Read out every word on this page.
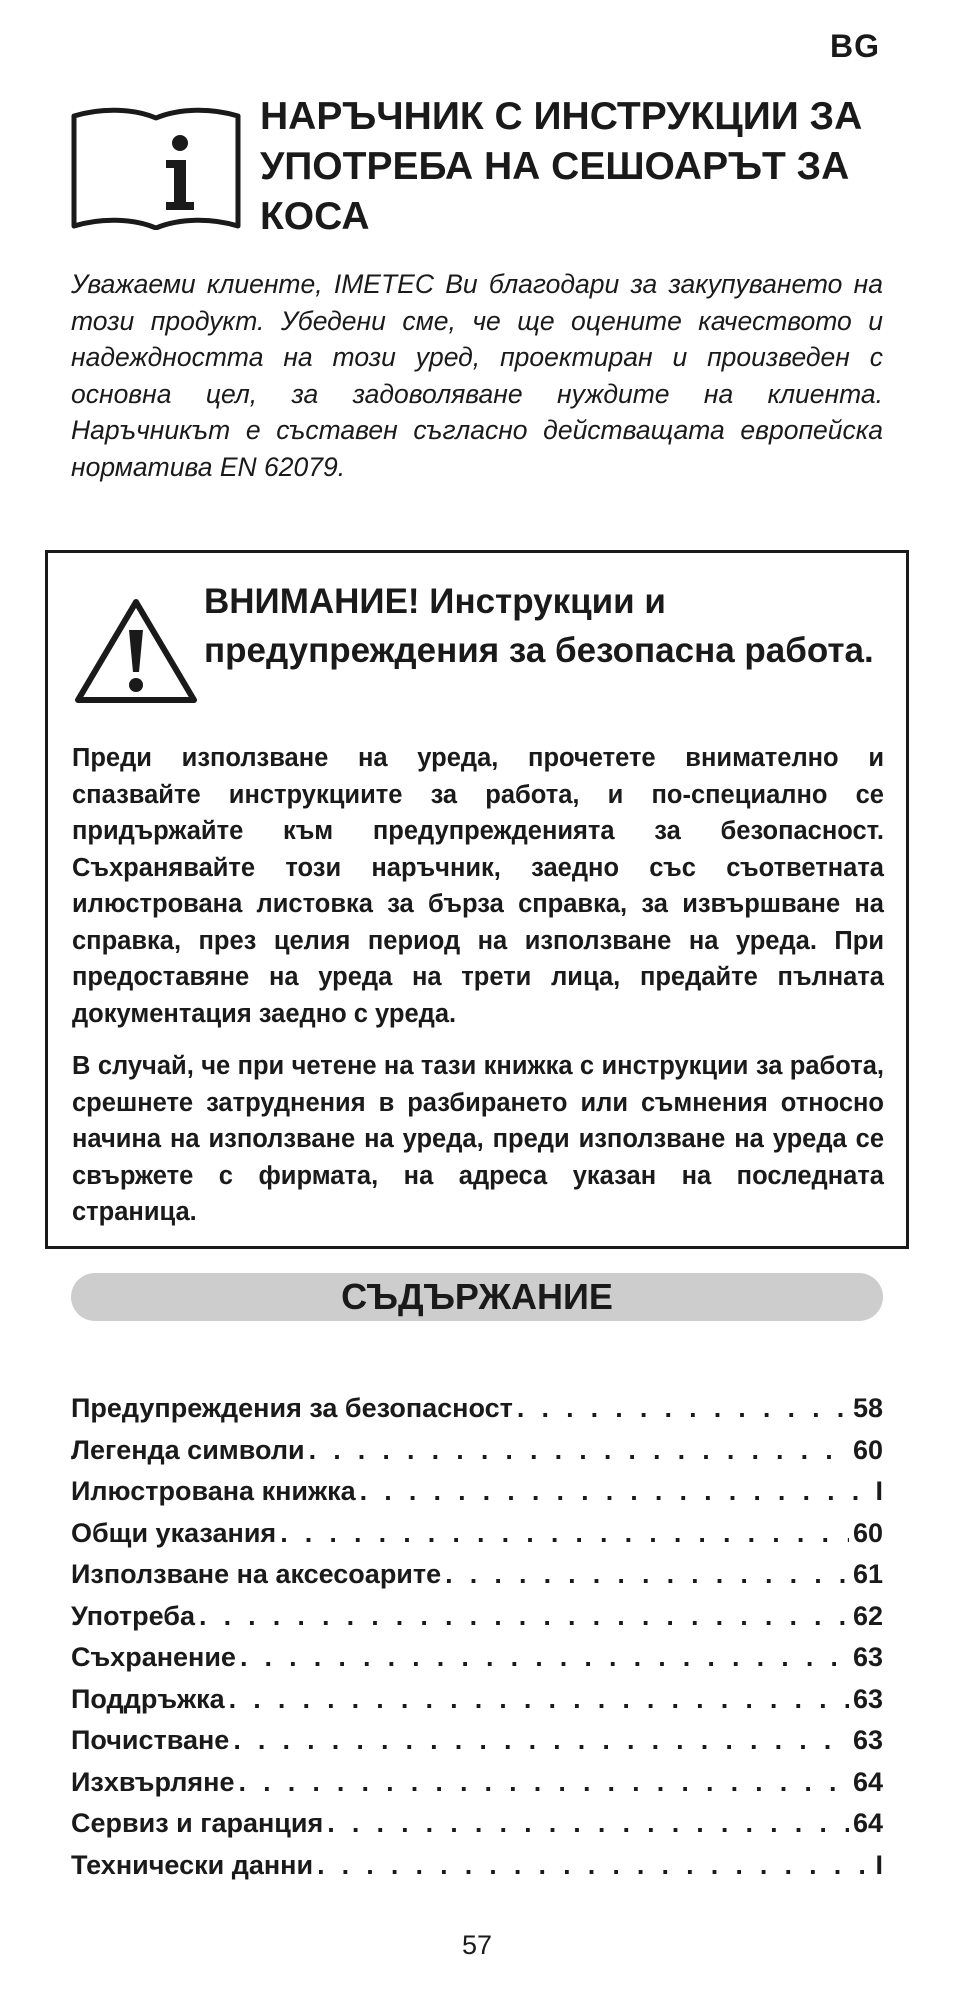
BG
НАРЪЧНИК С ИНСТРУКЦИИ ЗА УПОТРЕБА НА СЕШОАРЪТ ЗА КОСА

Уважаеми клиенте, IMETEC Ви благодари за закупуването на този продукт. Убедени сме, че ще оцените качеството и надеждността на този уред, проектиран и произведен с основна цел, за задоволяване нуждите на клиента. Наръчникът е съставен съгласно действащата европейска норматива EN 62079.

ВНИМАНИЕ! Инструкции и предупреждения за безопасна работа.

Преди използване на уреда, прочетете внимателно и спазвайте инструкциите за работа, и по-специално се придържайте към предупрежденията за безопасност. Съхранявайте този наръчник, заедно със съответната илюстрована листовка за бърза справка, за извършване на справка, през целия период на използване на уреда. При предоставяне на уреда на трети лица, предайте пълната документация заедно с уреда.

В случай, че при четене на тази книжка с инструкции за работа, срешнете затруднения в разбирането или съмнения относно начина на използване на уреда, преди използване на уреда се свържете с фирмата, на адреса указан на последната страница.

СЪДЪРЖАНИЕ
Предупреждения за безопасност . . .	58
Легенда символи . . .	60
Илюстрована книжка . . .	I
Общи указания . . .	60
Използване на аксесоарите . . .	61
Употреба . . .	62
Съхранение . . .	63
Поддръжка . . .	63
Почистване . . .	63
Изхвърляне . . .	64
Сервиз и гаранция . . .	64
Технически данни . . .	I
57
